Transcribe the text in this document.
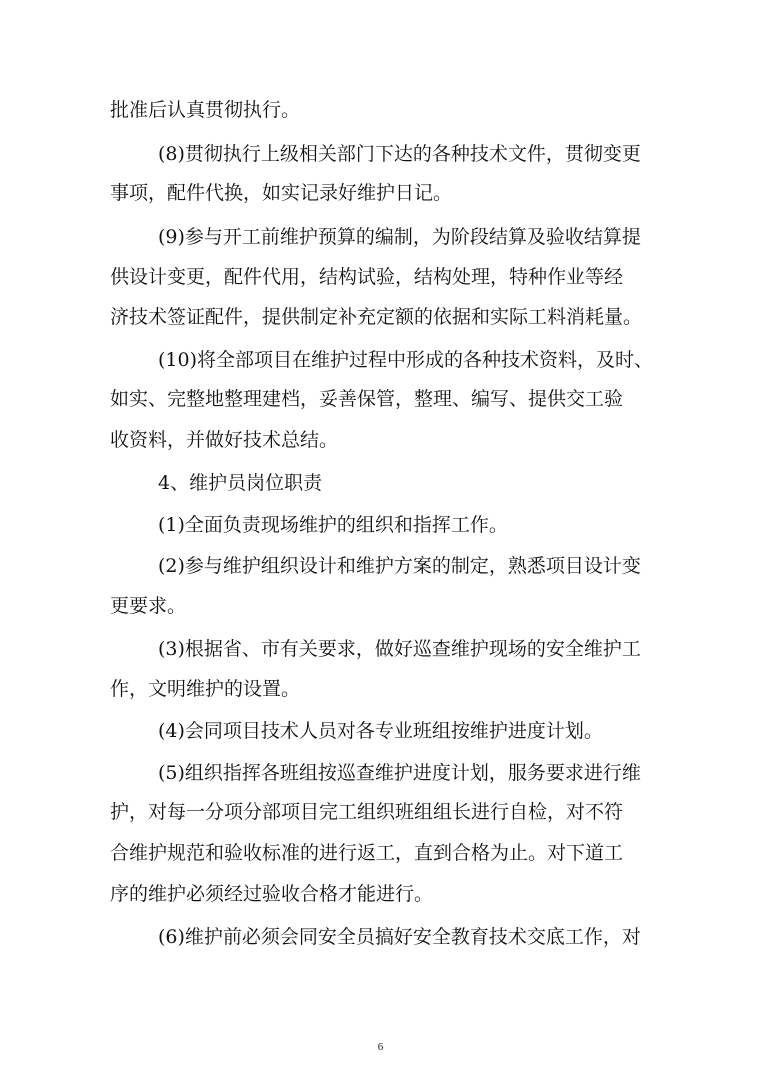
批准后认真贯彻执行。

(8)贯彻执行上级相关部门下达的各种技术文件，贯彻变更

事项，配件代换，如实记录好维护日记。

(9)参与开工前维护预算的编制，为阶段结算及验收结算提

供设计变更，配件代用，结构试验，结构处理，特种作业等经

济技术签证配件，提供制定补充定额的依据和实际工料消耗量。

(10)将全部项目在维护过程中形成的各种技术资料，及时、

如实、完整地整理建档，妥善保管，整理、编写、提供交工验

收资料，并做好技术总结。

4、维护员岗位职责

(1)全面负责现场维护的组织和指挥工作。

(2)参与维护组织设计和维护方案的制定，熟悉项目设计变

更要求。

(3)根据省、市有关要求，做好巡查维护现场的安全维护工

作，文明维护的设置。

(4)会同项目技术人员对各专业班组按维护进度计划。

(5)组织指挥各班组按巡查维护进度计划，服务要求进行维

护，对每一分项分部项目完工组织班组组长进行自检，对不符

合维护规范和验收标准的进行返工，直到合格为止。对下道工

序的维护必须经过验收合格才能进行。

(6)维护前必须会同安全员搞好安全教育技术交底工作，对

6
